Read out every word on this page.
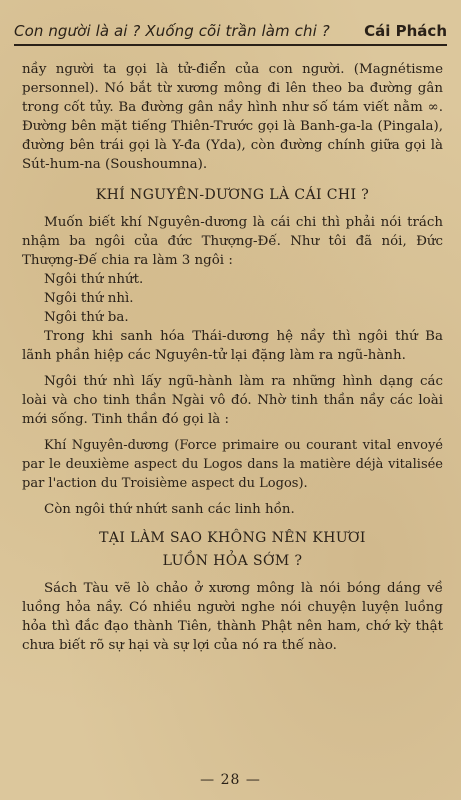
Con người là ai ? Xuống cõi trần làm chi ? Cái Phách

nầy người ta gọi là tử-điển của con người. (Magnétisme personnel). Nó bắt từ xương mông đi lên theo ba đường gân trong cốt tủy. Ba đường gân nầy hình như số tám viết nằm ∞. Đường bên mặt tiếng Thiên-Trước gọi là Banh-ga-la (Pingala), đường bên trái gọi là Y-đa (Yda), còn đường chính giữa gọi là Sút-hum-na (Soushoumna).

KHÍ NGUYÊN-DƯƠNG LÀ CÁI CHI ?

Muốn biết khí Nguyên-dương là cái chi thì phải nói trách nhậm ba ngôi của đức Thượng-Đế. Như tôi đã nói, Đức Thượng-Đế chia ra làm 3 ngôi :

Ngôi thứ nhứt.

Ngôi thứ nhì.

Ngôi thứ ba.

Trong khi sanh hóa Thái-dương hệ nầy thì ngôi thứ Ba lãnh phần hiệp các Nguyên-tử lại đặng làm ra ngũ-hành.

Ngôi thứ nhì lấy ngũ-hành làm ra những hình dạng các loài và cho tinh thần Ngài vô đó. Nhờ tinh thần nầy các loài mới sống. Tinh thần đó gọi là :

Khí Nguyên-dương (Force primaire ou courant vital envoyé par le deuxième aspect du Logos dans la matière déjà vitalisée par l'action du Troisième aspect du Logos).

Còn ngôi thứ nhứt sanh các linh hồn.

TẠI LÀM SAO KHÔNG NÊN KHƯƠI

LUỒN HỎA SỚM ?

Sách Tàu vẽ lò chảo ở xương mông là nói bóng dáng về luồng hỏa nầy. Có nhiều người nghe nói chuyện luyện luồng hỏa thì đắc đạo thành Tiên, thành Phật nên ham, chớ kỳ thật chưa biết rõ sự hại và sự lợi của nó ra thế nào.

— 28 —
